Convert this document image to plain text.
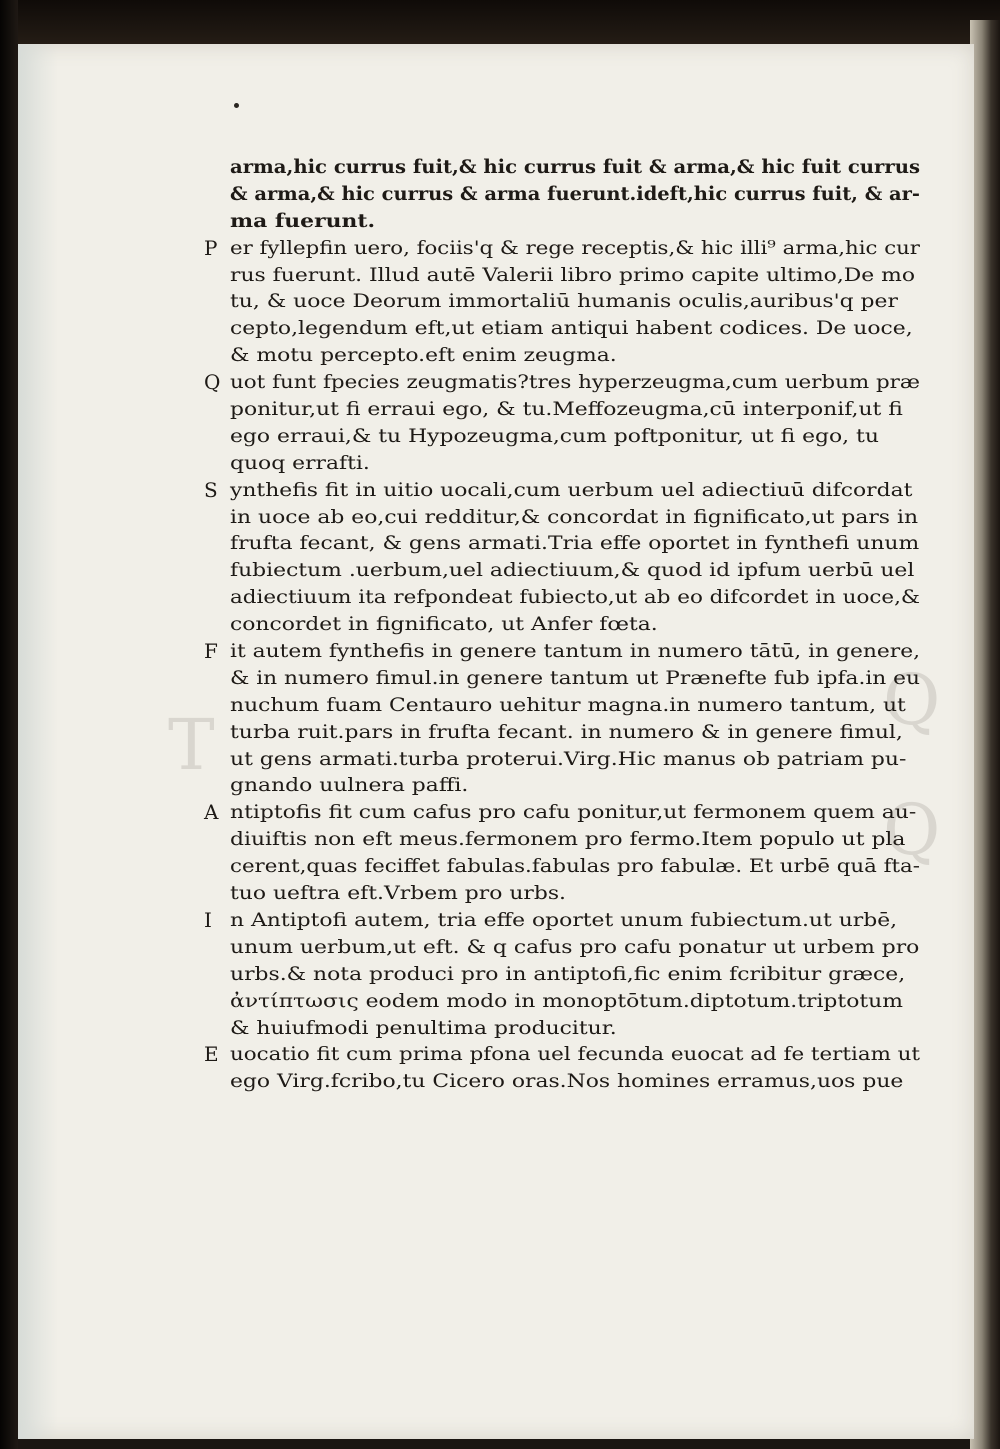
T
Q
Q
arma,hic currus fuit,& hic currus fuit & arma,& hic fuit currus
& arma,& hic currus & arma fuerunt.ideft,hic currus fuit, & ar-
ma fuerunt.
P er fyllepfin uero, fociis'q & rege receptis,& hic illi⁹ arma,hic cur
rus fuerunt. Illud autē Valerii libro primo capite ultimo,De mo
tu, & uoce Deorum immortaliū humanis oculis,auribus'q per
cepto,legendum eft,ut etiam antiqui habent codices. De uoce,
& motu percepto.eft enim zeugma.
Q uot funt fpecies zeugmatis?tres hyperzeugma,cum uerbum præ
ponitur,ut fi erraui ego, & tu.Meffozeugma,cū interponif,ut fi
ego erraui,& tu Hypozeugma,cum poftponitur, ut fi ego, tu
quoq errafti.
S ynthefis fit in uitio uocali,cum uerbum uel adiectiuū difcordat
in uoce ab eo,cui redditur,& concordat in fignificato,ut pars in
frufta fecant, & gens armati.Tria effe oportet in fynthefi unum
fubiectum .uerbum,uel adiectiuum,& quod id ipfum uerbū uel
adiectiuum ita refpondeat fubiecto,ut ab eo difcordet in uoce,&
concordet in fignificato, ut Anfer fœta.
F it autem fynthefis in genere tantum in numero tātū, in genere,
& in numero fimul.in genere tantum ut Prænefte fub ipfa.in eu
nuchum fuam Centauro uehitur magna.in numero tantum, ut
turba ruit.pars in frufta fecant. in numero & in genere fimul,
ut gens armati.turba proterui.Virg.Hic manus ob patriam pu-
gnando uulnera paffi.
A ntiptofis fit cum cafus pro cafu ponitur,ut fermonem quem au-
diuiftis non eft meus.fermonem pro fermo.Item populo ut pla
cerent,quas feciffet fabulas.fabulas pro fabulæ. Et urbē quā fta-
tuo ueftra eft.Vrbem pro urbs.
I n Antiptofi autem, tria effe oportet unum fubiectum.ut urbē,
unum uerbum,ut eft. & q cafus pro cafu ponatur ut urbem pro
urbs.& nota produci pro in antiptofi,fic enim fcribitur græce,
ἀντίπτωσις eodem modo in monoptōtum.diptotum.triptotum
& huiufmodi penultima producitur.
E uocatio fit cum prima pfona uel fecunda euocat ad fe tertiam ut
ego Virg.fcribo,tu Cicero oras.Nos homines erramus,uos pue
